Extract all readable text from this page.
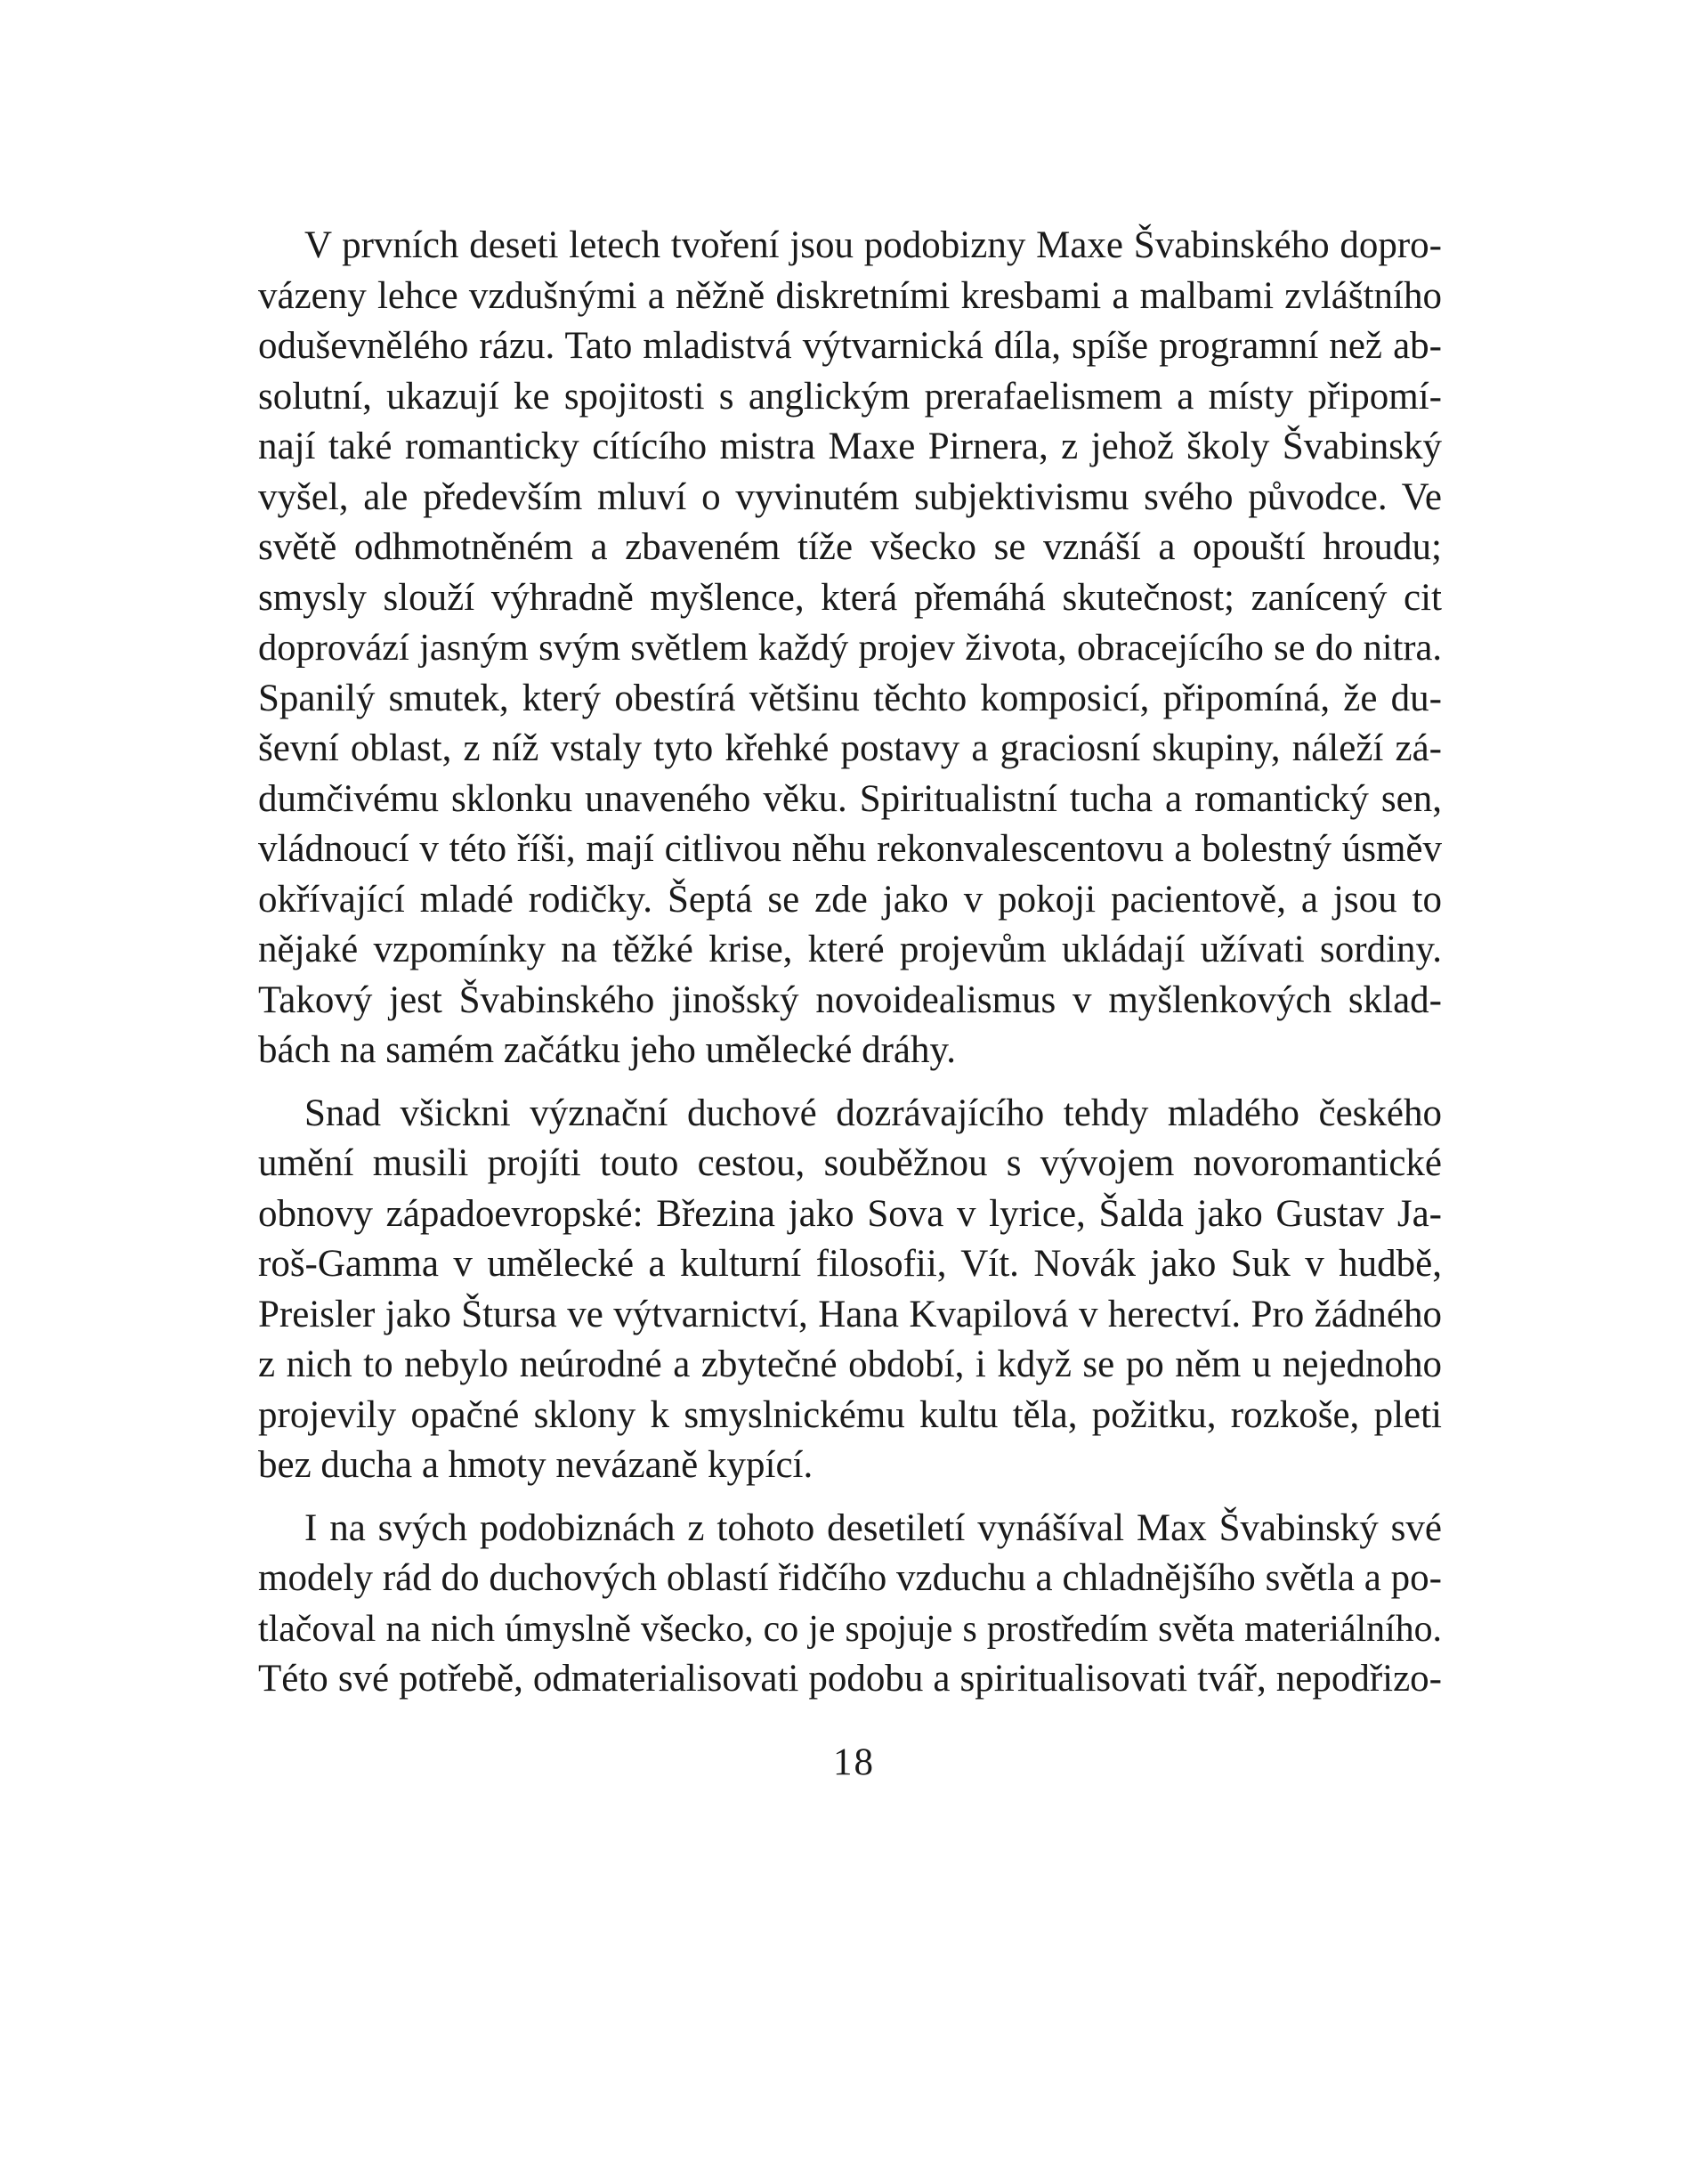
V prvních deseti letech tvoření jsou podobizny Maxe Švabinského dopro-
vázeny lehce vzdušnými a něžně diskretními kresbami a malbami zvláštního
oduševnělého rázu. Tato mladistvá výtvarnická díla, spíše programní než ab-
solutní, ukazují ke spojitosti s anglickým prerafaelismem a místy připomí-
nají také romanticky cítícího mistra Maxe Pirnera, z jehož školy Švabinský
vyšel, ale především mluví o vyvinutém subjektivismu svého původce. Ve
světě odhmotněném a zbaveném tíže všecko se vznáší a opouští hroudu;
smysly slouží výhradně myšlence, která přemáhá skutečnost; zanícený cit
doprovází jasným svým světlem každý projev života, obracejícího se do nitra.
Spanilý smutek, který obestírá většinu těchto komposicí, připomíná, že du-
ševní oblast, z níž vstaly tyto křehké postavy a graciosní skupiny, náleží zá-
dumčivému sklonku unaveného věku. Spiritualistní tucha a romantický sen,
vládnoucí v této říši, mají citlivou něhu rekonvalescentovu a bolestný úsměv
okřívající mladé rodičky. Šeptá se zde jako v pokoji pacientově, a jsou to
nějaké vzpomínky na těžké krise, které projevům ukládají užívati sordiny.
Takový jest Švabinského jinošský novoidealismus v myšlenkových sklad-
bách na samém začátku jeho umělecké dráhy.
Snad všickni význační duchové dozrávajícího tehdy mladého českého
umění musili projíti touto cestou, souběžnou s vývojem novoromantické
obnovy západoevropské: Březina jako Sova v lyrice, Šalda jako Gustav Ja-
roš-Gamma v umělecké a kulturní filosofii, Vít. Novák jako Suk v hudbě,
Preisler jako Štursa ve výtvarnictví, Hana Kvapilová v herectví. Pro žádného
z nich to nebylo neúrodné a zbytečné období, i když se po něm u nejednoho
projevily opačné sklony k smyslnickému kultu těla, požitku, rozkoše, pleti
bez ducha a hmoty nevázaně kypící.
I na svých podobiznách z tohoto desetiletí vynášíval Max Švabinský své
modely rád do duchových oblastí řidčího vzduchu a chladnějšího světla a po-
tlačoval na nich úmyslně všecko, co je spojuje s prostředím světa materiálního.
Této své potřebě, odmaterialisovati podobu a spiritualisovati tvář, nepodřizo-
18
